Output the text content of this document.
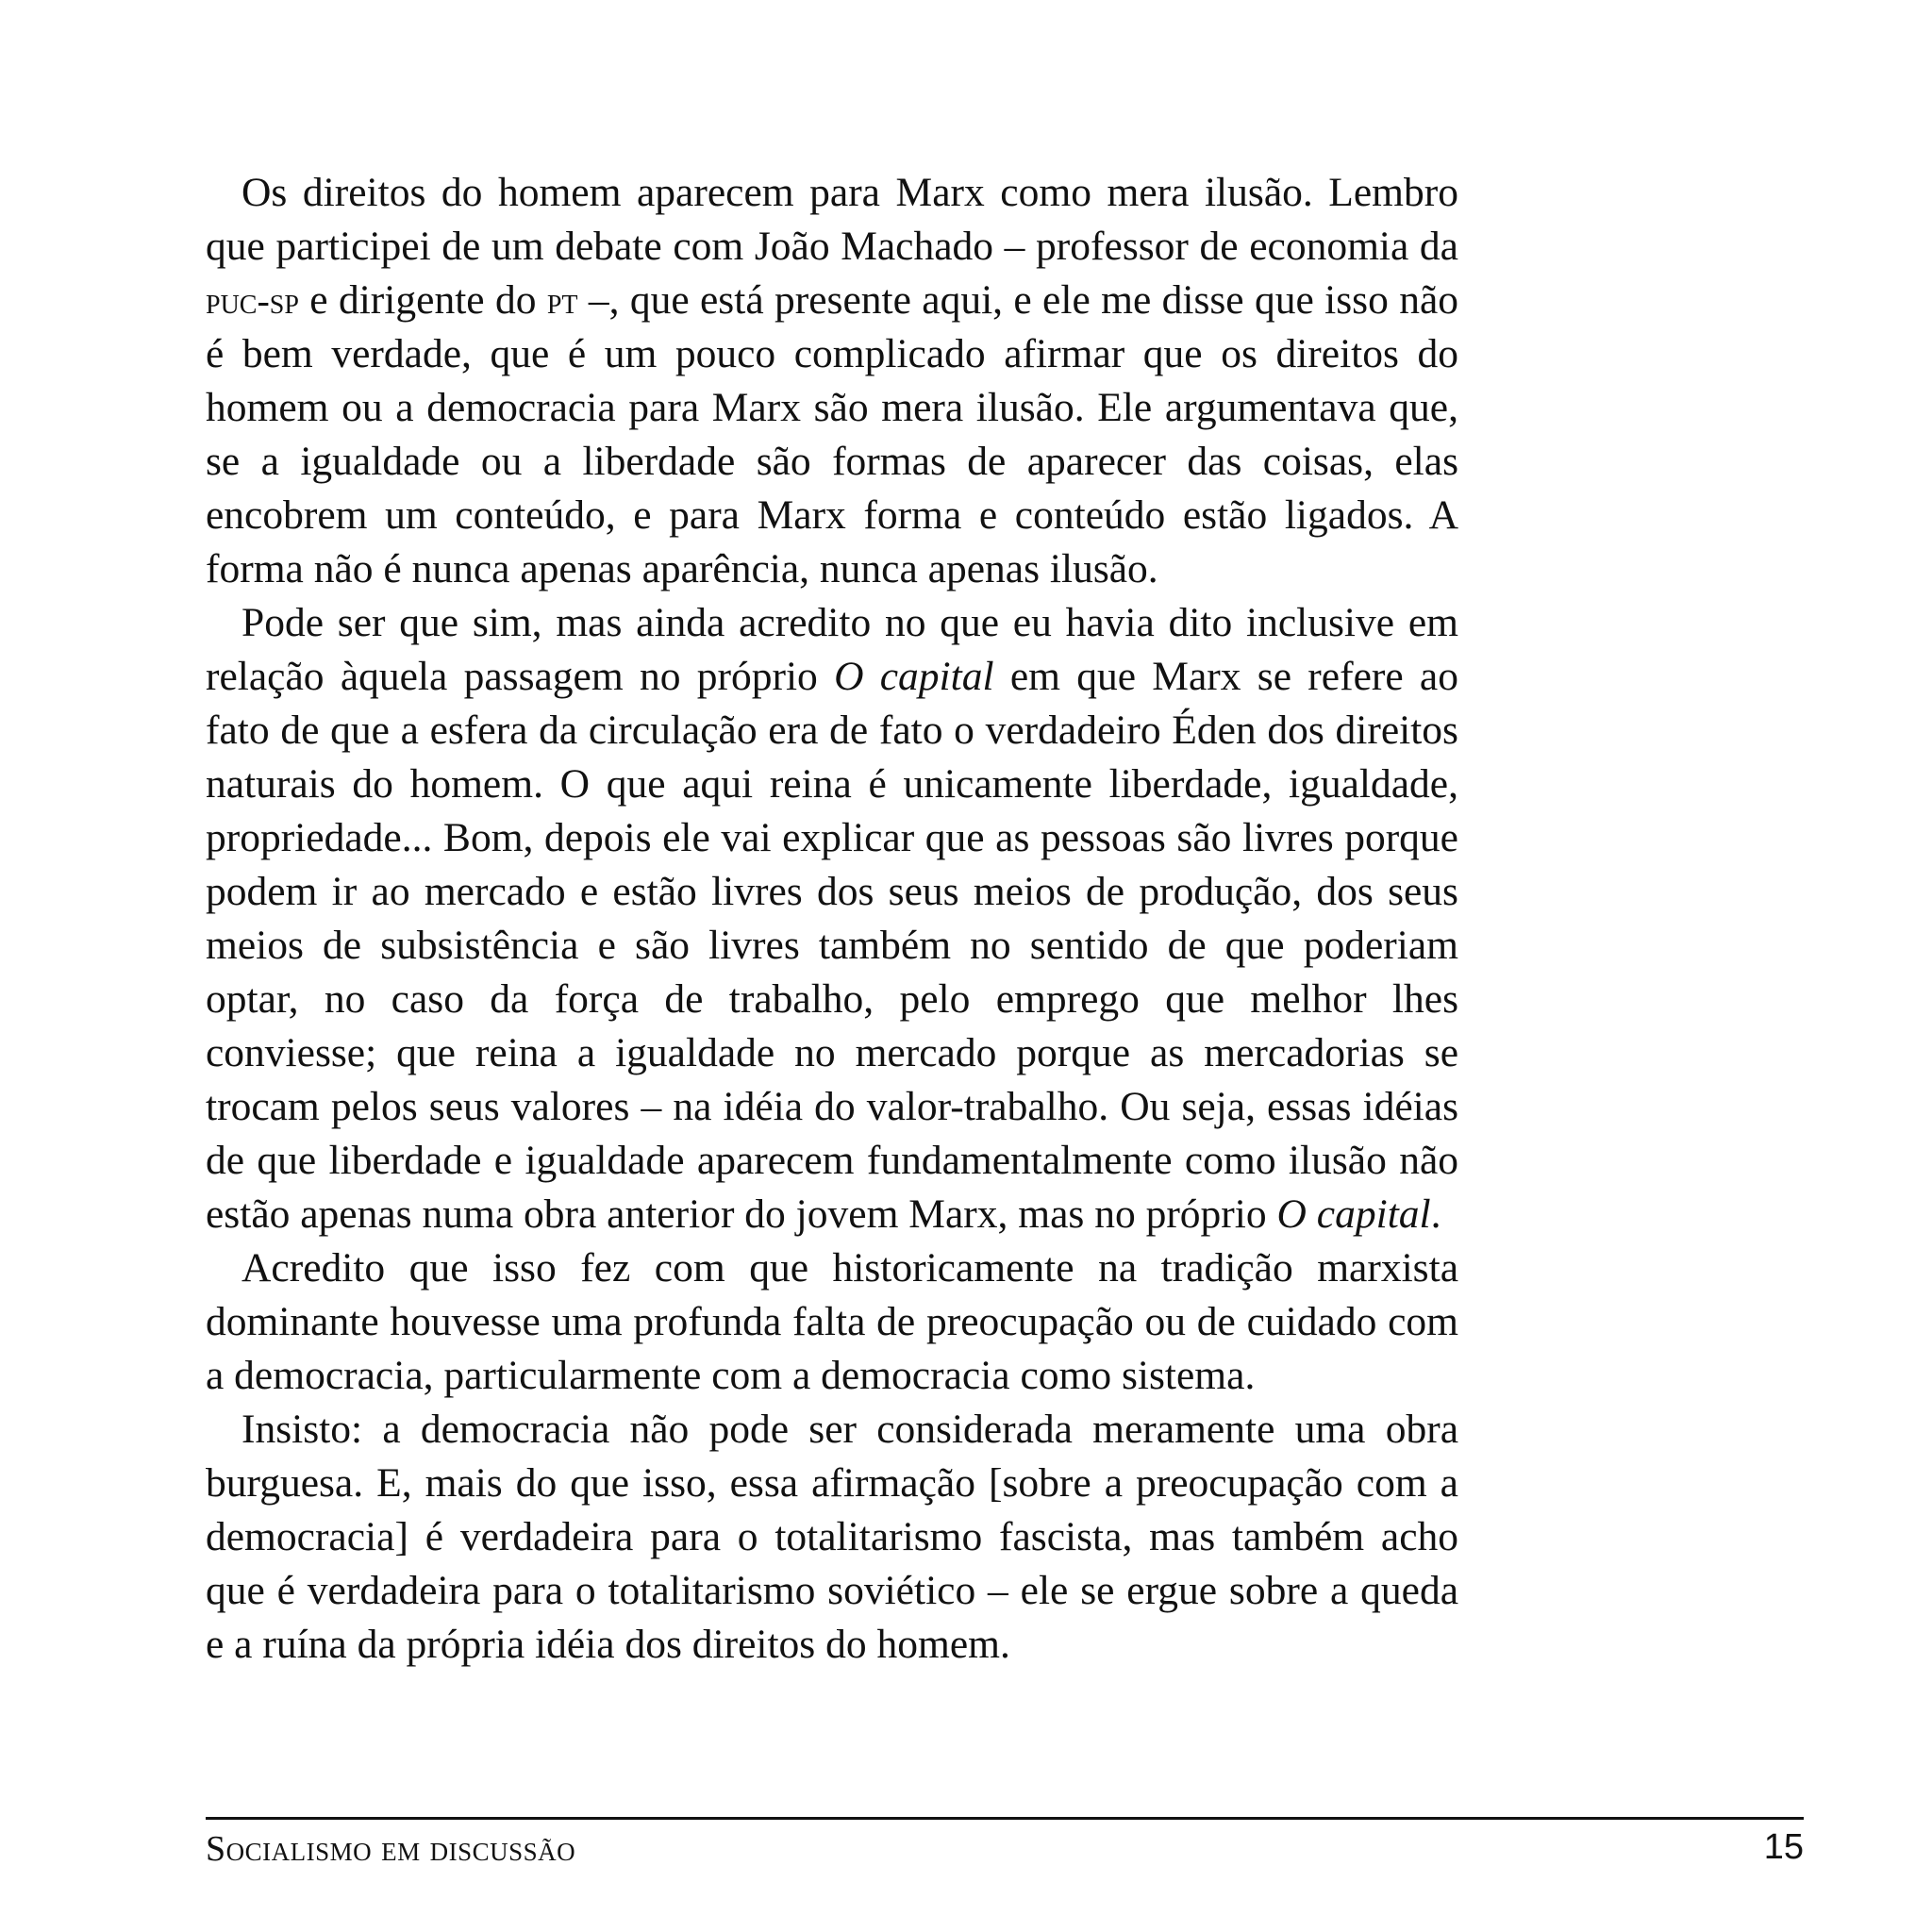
Os direitos do homem aparecem para Marx como mera ilusão. Lembro que participei de um debate com João Machado – professor de economia da puc-sp e dirigente do pt –, que está presente aqui, e ele me disse que isso não é bem verdade, que é um pouco complicado afirmar que os direitos do homem ou a democracia para Marx são mera ilusão. Ele argumentava que, se a igualdade ou a liberdade são formas de aparecer das coisas, elas encobrem um conteúdo, e para Marx forma e conteúdo estão ligados. A forma não é nunca apenas aparência, nunca apenas ilusão.

Pode ser que sim, mas ainda acredito no que eu havia dito inclusive em relação àquela passagem no próprio O capital em que Marx se refere ao fato de que a esfera da circulação era de fato o verdadeiro Éden dos direitos naturais do homem. O que aqui reina é unicamente liberdade, igualdade, propriedade... Bom, depois ele vai explicar que as pessoas são livres porque podem ir ao mercado e estão livres dos seus meios de produção, dos seus meios de subsistência e são livres também no sentido de que poderiam optar, no caso da força de trabalho, pelo emprego que melhor lhes conviesse; que reina a igualdade no mercado porque as mercadorias se trocam pelos seus valores – na idéia do valor-trabalho. Ou seja, essas idéias de que liberdade e igualdade aparecem fundamentalmente como ilusão não estão apenas numa obra anterior do jovem Marx, mas no próprio O capital.

Acredito que isso fez com que historicamente na tradição marxista dominante houvesse uma profunda falta de preocupação ou de cuidado com a democracia, particularmente com a democracia como sistema.

Insisto: a democracia não pode ser considerada meramente uma obra burguesa. E, mais do que isso, essa afirmação [sobre a preocupação com a democracia] é verdadeira para o totalitarismo fascista, mas também acho que é verdadeira para o totalitarismo soviético – ele se ergue sobre a queda e a ruína da própria idéia dos direitos do homem.

Socialismo em discussão	15
